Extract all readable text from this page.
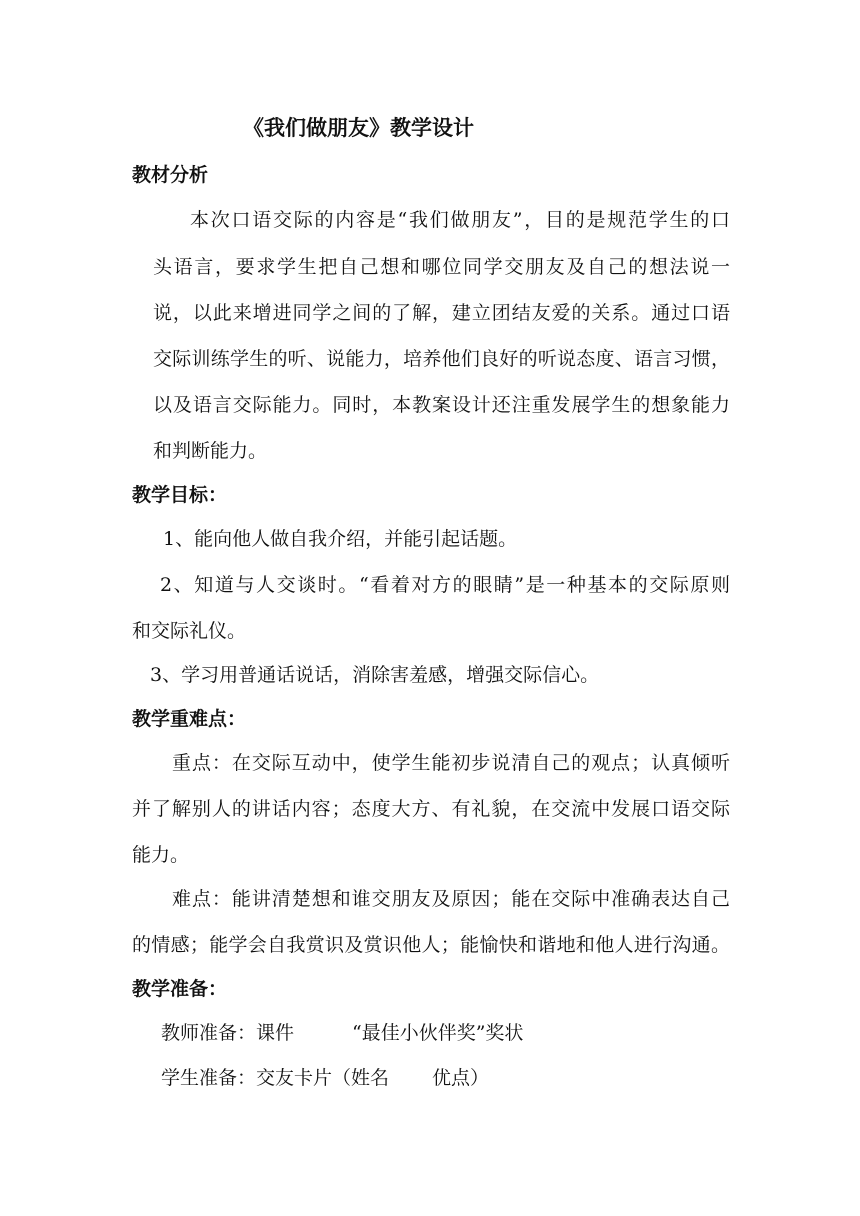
《我们做朋友》教学设计
教材分析
本次口语交际的内容是“我们做朋友”，目的是规范学生的口
头语言，要求学生把自己想和哪位同学交朋友及自己的想法说一
说，以此来增进同学之间的了解，建立团结友爱的关系。通过口语
交际训练学生的听、说能力，培养他们良好的听说态度、语言习惯，
以及语言交际能力。同时，本教案设计还注重发展学生的想象能力
和判断能力。
教学目标：
1、能向他人做自我介绍，并能引起话题。
2、知道与人交谈时。“看着对方的眼睛”是一种基本的交际原则
和交际礼仪。
3、学习用普通话说话，消除害羞感，增强交际信心。
教学重难点：
重点：在交际互动中，使学生能初步说清自己的观点；认真倾听
并了解别人的讲话内容；态度大方、有礼貌，在交流中发展口语交际
能力。
难点：能讲清楚想和谁交朋友及原因；能在交际中准确表达自己
的情感；能学会自我赏识及赏识他人；能愉快和谐地和他人进行沟通。
教学准备：
教师准备：课件	“最佳小伙伴奖”奖状
学生准备：交友卡片（姓名 优点）
